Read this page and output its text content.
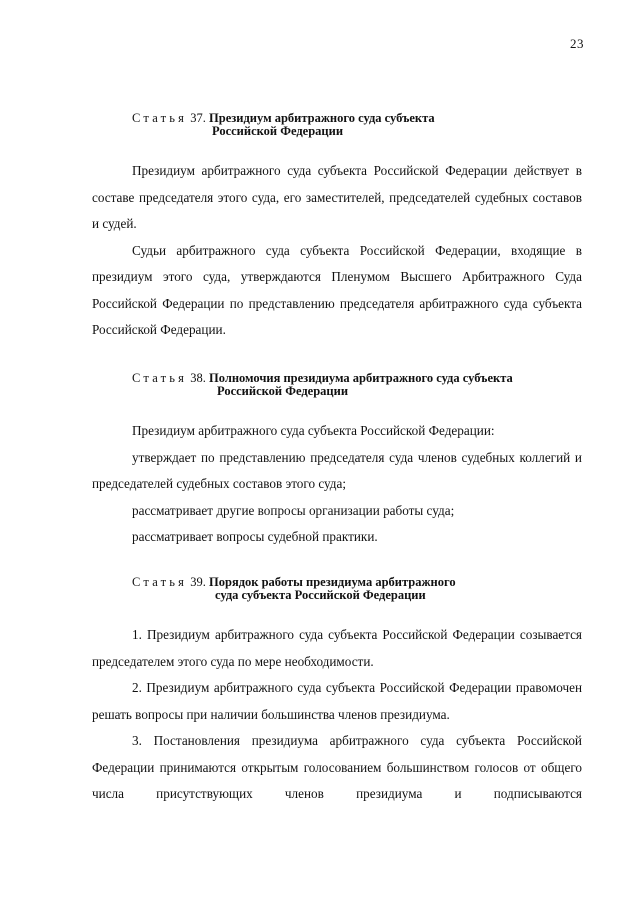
23
Статья 37. Президиум арбитражного суда субъекта
Российской Федерации

Президиум арбитражного суда субъекта Российской Федерации действует в составе председателя этого суда, его заместителей, председателей судебных составов и судей.

Судьи арбитражного суда субъекта Российской Федерации, входящие в президиум этого суда, утверждаются Пленумом Высшего Арбитражного Суда Российской Федерации по представлению председателя арбитражного суда субъекта Российской Федерации.

Статья 38. Полномочия президиума арбитражного суда субъекта
Российской Федерации

Президиум арбитражного суда субъекта Российской Федерации:

утверждает по представлению председателя суда членов судебных коллегий и председателей судебных составов этого суда;

рассматривает другие вопросы организации работы суда;

рассматривает вопросы судебной практики.

Статья 39. Порядок работы президиума арбитражного
суда субъекта Российской Федерации

1. Президиум арбитражного суда субъекта Российской Федерации созывается председателем этого суда по мере необходимости.

2. Президиум арбитражного суда субъекта Российской Федерации правомочен решать вопросы при наличии большинства членов президиума.

3. Постановления президиума арбитражного суда субъекта Российской Федерации принимаются открытым голосованием большинством голосов от общего числа присутствующих членов президиума и подписываются
